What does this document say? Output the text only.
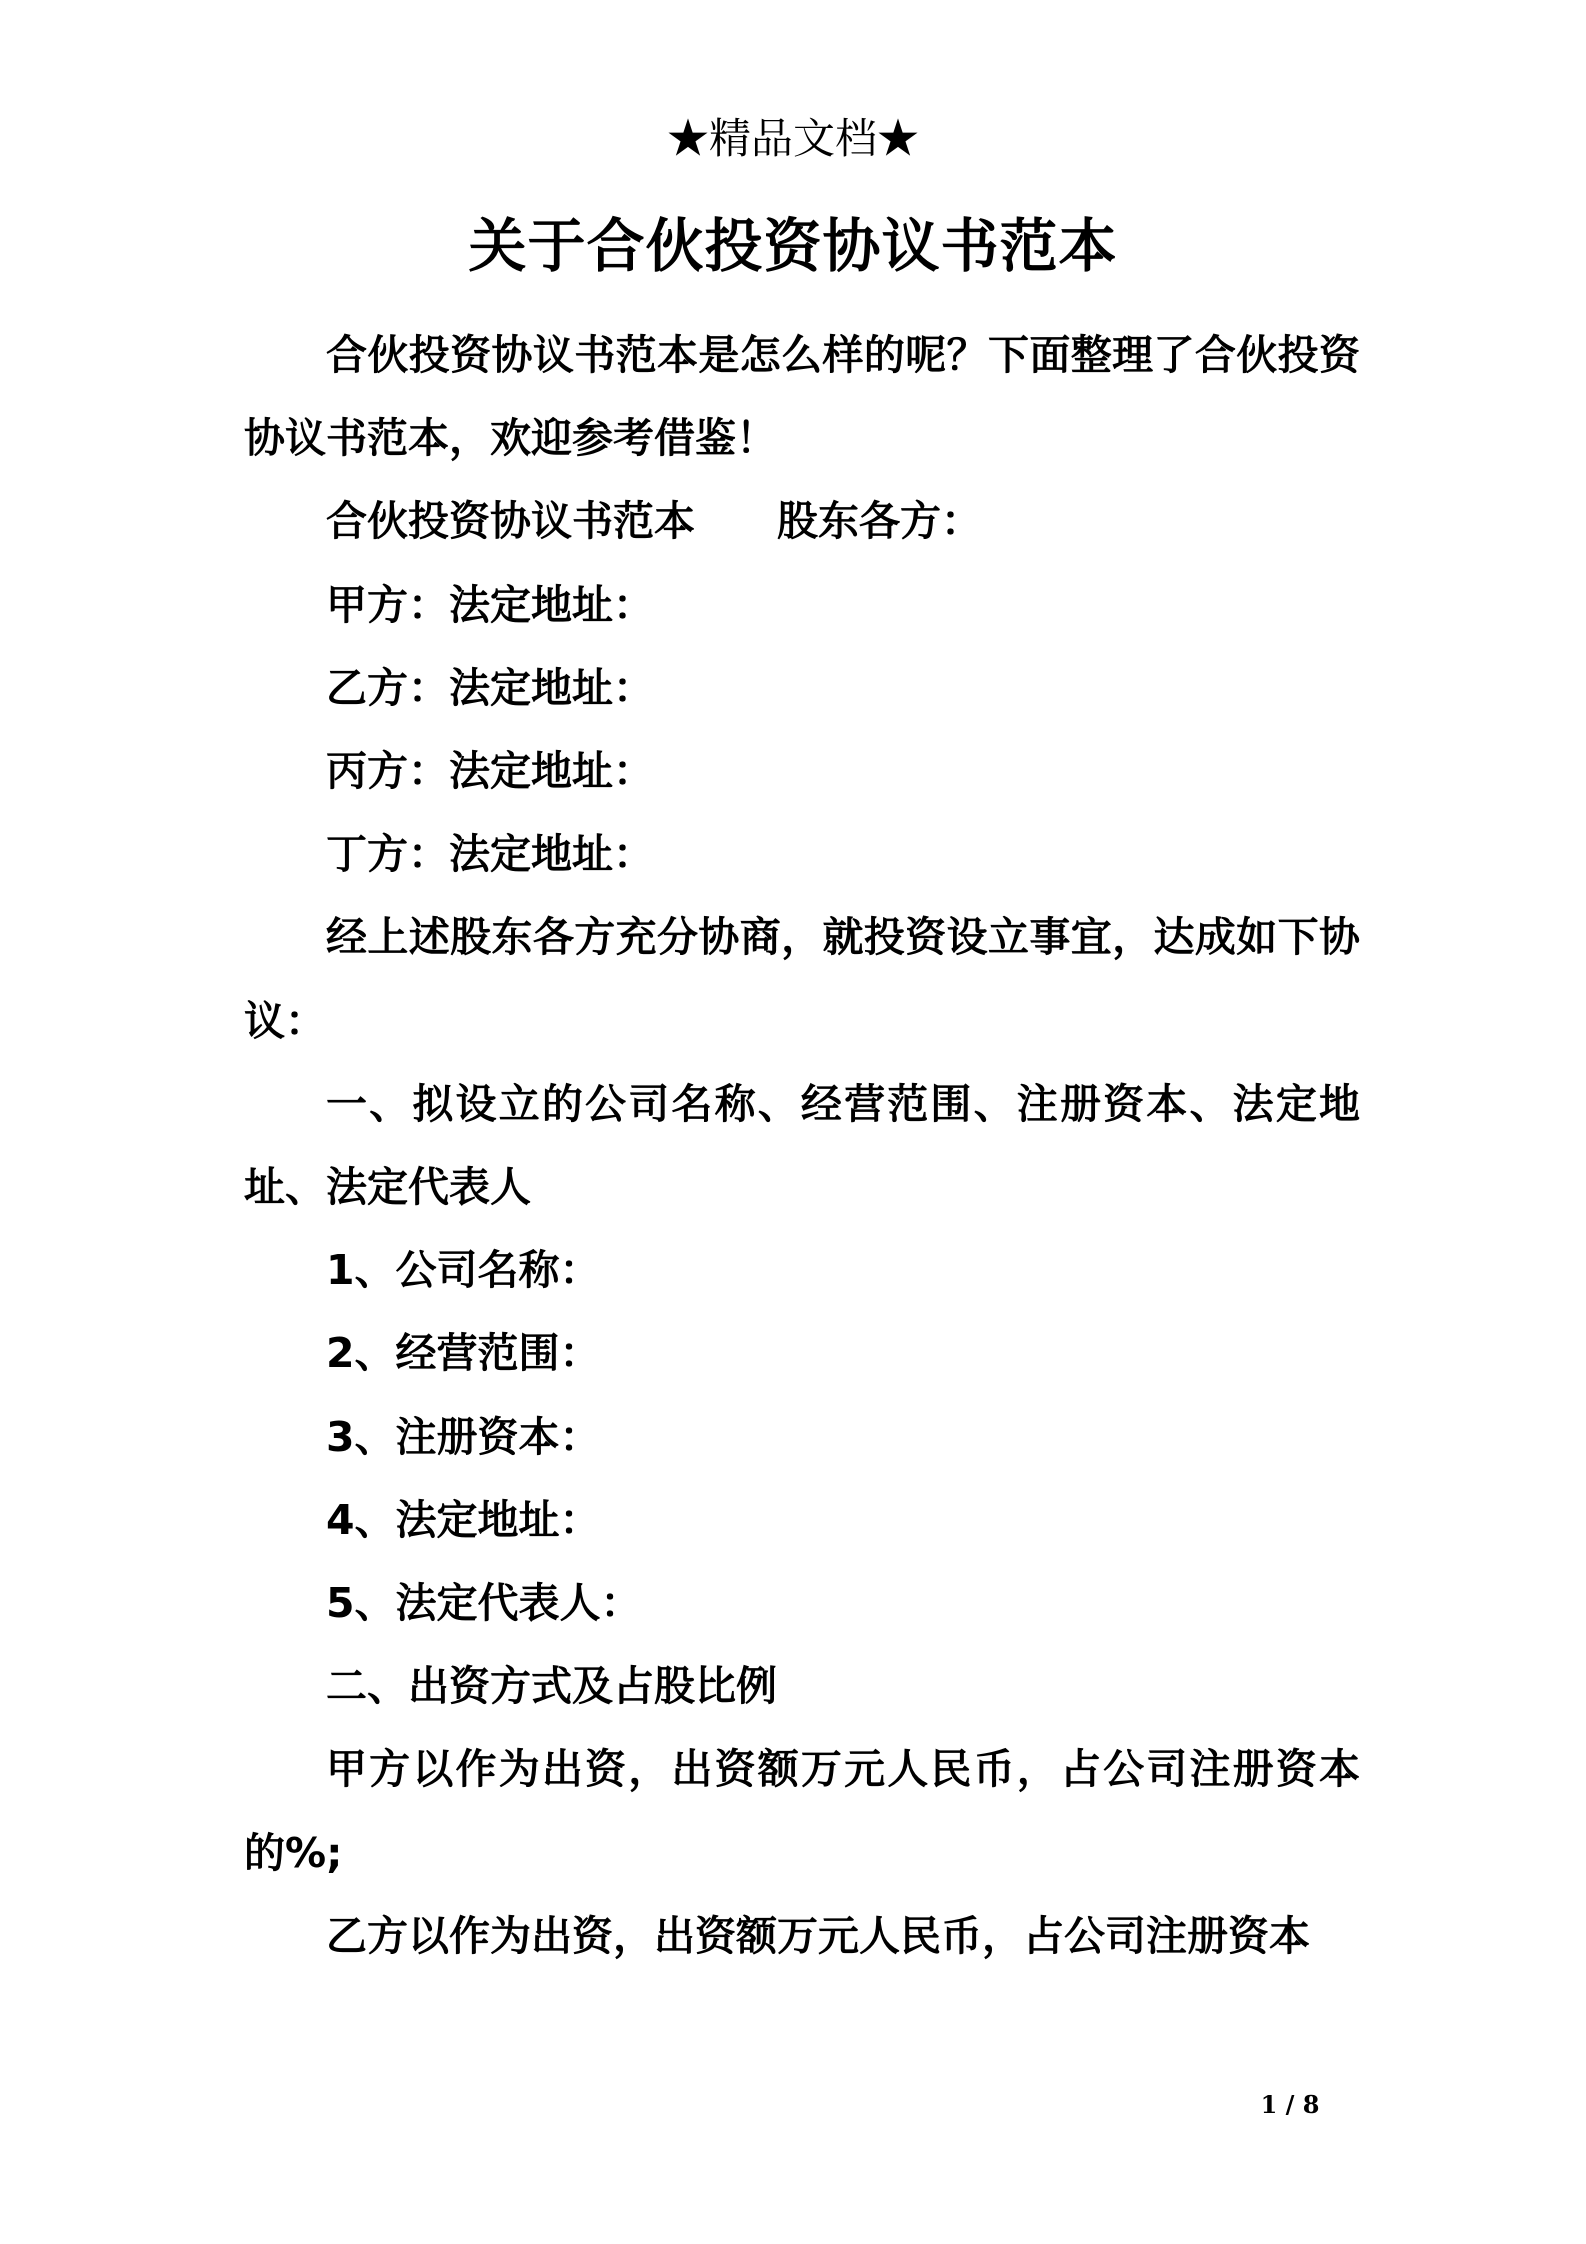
★精品文档★
关于合伙投资协议书范本

合伙投资协议书范本是怎么样的呢？下面整理了合伙投资协议书范本，欢迎参考借鉴！

合伙投资协议书范本 股东各方：

甲方：法定地址：

乙方：法定地址：

丙方：法定地址：

丁方：法定地址：

经上述股东各方充分协商，就投资设立事宜，达成如下协议：

一、拟设立的公司名称、经营范围、注册资本、法定地址、法定代表人

1、公司名称：

2、经营范围：

3、注册资本：

4、法定地址：

5、法定代表人：

二、出资方式及占股比例

甲方以作为出资，出资额万元人民币，占公司注册资本的%;

乙方以作为出资，出资额万元人民币，占公司注册资本

1 / 8
